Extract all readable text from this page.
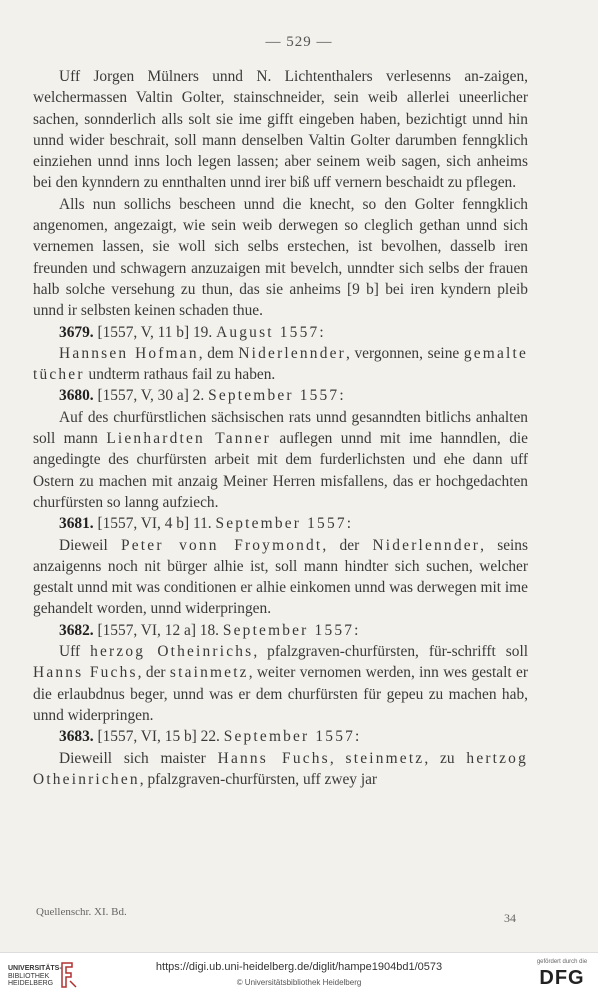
— 529 —

Uff Jorgen Mülners unnd N. Lichtenthalers verlesenns an-zaigen, welchermassen Valtin Golter, stainschneider, sein weib allerlei uneerlicher sachen, sonnderlich alls solt sie ime gifft eingeben haben, bezichtigt unnd hin unnd wider beschrait, soll mann denselben Valtin Golter darumben fenngklich einziehen unnd inns loch legen lassen; aber seinem weib sagen, sich anheims bei den kynndern zu ennthalten unnd irer biß uff vernern beschaidt zu pflegen.

Alls nun sollichs bescheen unnd die knecht, so den Golter fenngklich angenomen, angezaigt, wie sein weib derwegen so cleglich gethan unnd sich vernemen lassen, sie woll sich selbs erstechen, ist bevolhen, dasselb iren freunden und schwagern anzuzaigen mit bevelch, unndter sich selbs der frauen halb solche versehung zu thun, das sie anheims [9 b] bei iren kyndern pleib unnd ir selbsten keinen schaden thue.

3679. [1557, V, 11 b] 19. August 1557:

Hannsen Hofman, dem Niderlennder, vergonnen, seine gemalte tücher undterm rathaus fail zu haben.

3680. [1557, V, 30 a] 2. September 1557:

Auf des churfürstlichen sächsischen rats unnd gesanndten bitlichs anhalten soll mann Lienhardten Tanner auflegen unnd mit ime hanndlen, die angedingte des churfürsten arbeit mit dem furderlichsten und ehe dann uff Ostern zu machen mit anzaig Meiner Herren misfallens, das er hochgedachten churfürsten so lanng aufziech.

3681. [1557, VI, 4 b] 11. September 1557:

Dieweil Peter vonn Froymondt, der Niderlennder, seins anzaigenns noch nit bürger alhie ist, soll mann hindter sich suchen, welcher gestalt unnd mit was conditionen er alhie einkomen unnd was derwegen mit ime gehandelt worden, unnd widerpringen.

3682. [1557, VI, 12 a] 18. September 1557:

Uff herzog Otheinrichs, pfalzgraven-churfürsten, für-schrifft soll Hanns Fuchs, der stainmetz, weiter vernomen werden, inn wes gestalt er die erlaubdnus beger, unnd was er dem churfürsten für gepeu zu machen hab, unnd widerpringen.

3683. [1557, VI, 15 b] 22. September 1557:

Dieweill sich maister Hanns Fuchs, steinmetz, zu hertzog Otheinrichen, pfalzgraven-churfürsten, uff zwey jar

Quellenschr. XI. Bd.	34
UNIVERSITÄTS-
BIBLIOTHEK
HEIDELBERG
https://digi.ub.uni-heidelberg.de/diglit/hampe1904bd1/0573
© Universitätsbibliothek Heidelberg
gefördert durch die
DFG
